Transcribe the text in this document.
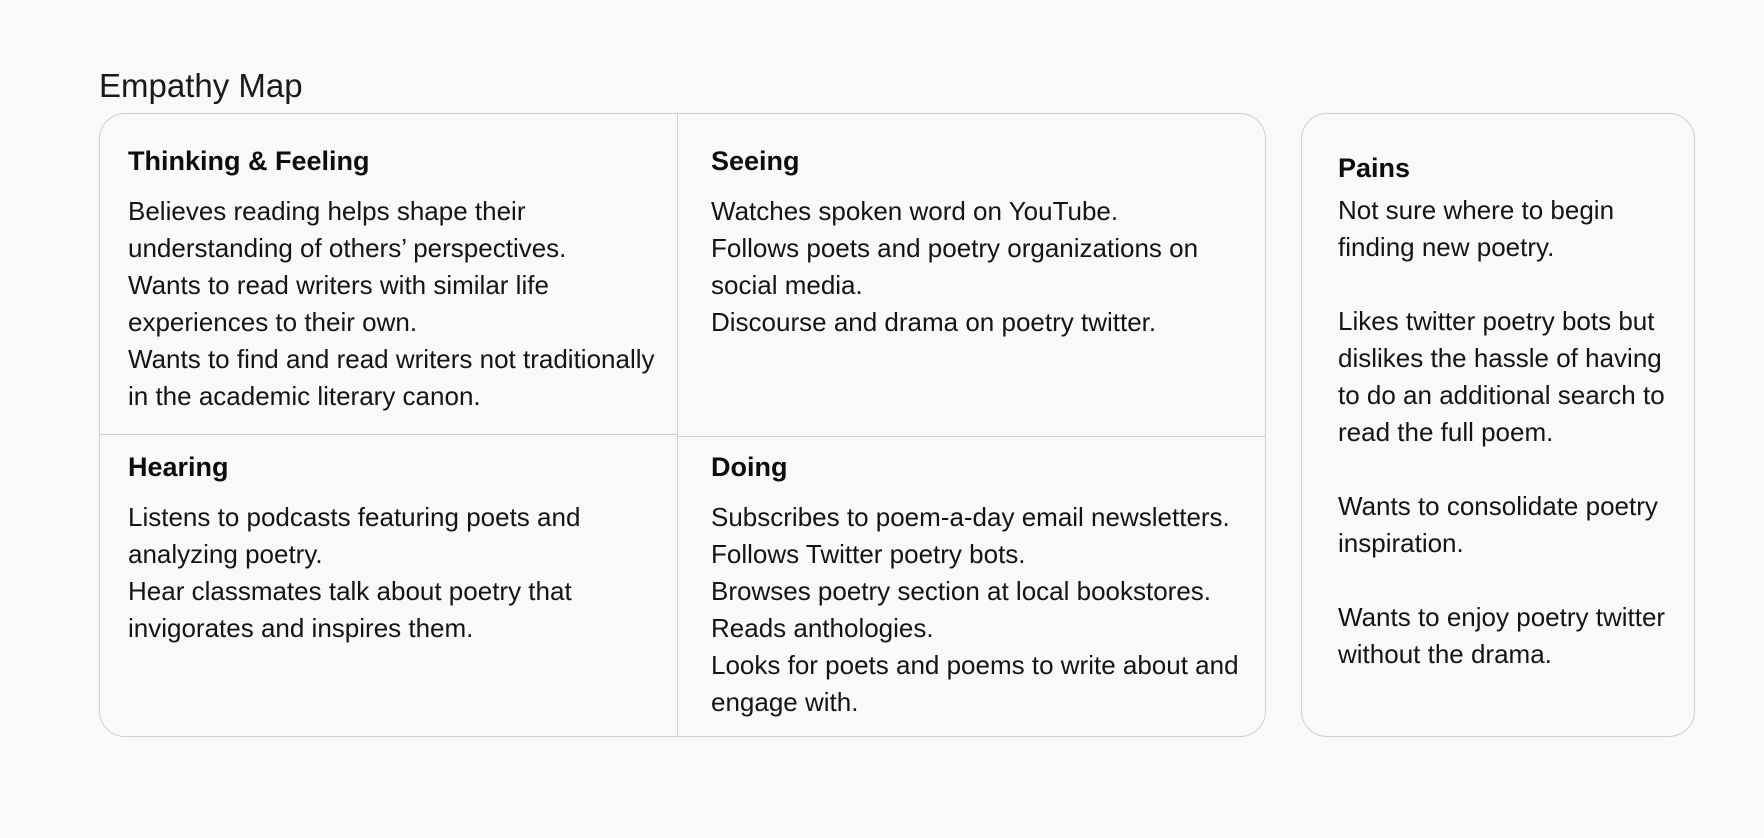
Empathy Map
Thinking & Feeling

Believes reading helps shape their understanding of others’ perspectives.

Wants to read writers with similar life experiences to their own.

Wants to find and read writers not traditionally in the academic literary canon.

Seeing

Watches spoken word on YouTube.

Follows poets and poetry organizations on social media.

Discourse and drama on poetry twitter.

Hearing

Listens to podcasts featuring poets and analyzing poetry.

Hear classmates talk about poetry that invigorates and inspires them.

Doing

Subscribes to poem-a-day email newsletters.

Follows Twitter poetry bots.

Browses poetry section at local bookstores.

Reads anthologies.

Looks for poets and poems to write about and engage with.

Pains

Not sure where to begin finding new poetry.

Likes twitter poetry bots but dislikes the hassle of having to do an additional search to read the full poem.

Wants to consolidate poetry inspiration.

Wants to enjoy poetry twitter without the drama.
